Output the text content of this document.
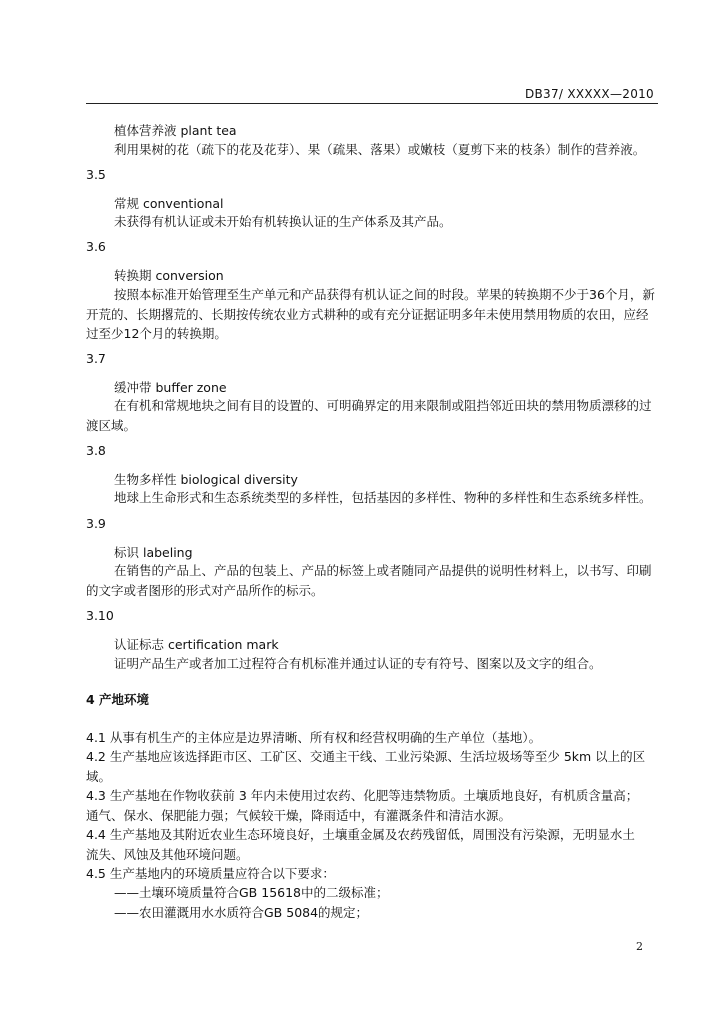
DB37/ XXXXX—2010
植体营养液 plant tea
利用果树的花（疏下的花及花芽）、果（疏果、落果）或嫩枝（夏剪下来的枝条）制作的营养液。
3.5
常规 conventional
未获得有机认证或未开始有机转换认证的生产体系及其产品。
3.6
转换期 conversion
按照本标准开始管理至生产单元和产品获得有机认证之间的时段。苹果的转换期不少于36个月，新
开荒的、长期撂荒的、长期按传统农业方式耕种的或有充分证据证明多年未使用禁用物质的农田，应经
过至少12个月的转换期。
3.7
缓冲带 buffer zone
在有机和常规地块之间有目的设置的、可明确界定的用来限制或阻挡邻近田块的禁用物质漂移的过
渡区域。
3.8
生物多样性 biological diversity
地球上生命形式和生态系统类型的多样性，包括基因的多样性、物种的多样性和生态系统多样性。
3.9
标识 labeling
在销售的产品上、产品的包装上、产品的标签上或者随同产品提供的说明性材料上，以书写、印刷
的文字或者图形的形式对产品所作的标示。
3.10
认证标志 certification mark
证明产品生产或者加工过程符合有机标准并通过认证的专有符号、图案以及文字的组合。
4 产地环境
4.1 从事有机生产的主体应是边界清晰、所有权和经营权明确的生产单位（基地）。
4.2 生产基地应该选择距市区、工矿区、交通主干线、工业污染源、生活垃圾场等至少 5km 以上的区
域。
4.3 生产基地在作物收获前 3 年内未使用过农药、化肥等违禁物质。土壤质地良好，有机质含量高；
通气、保水、保肥能力强；气候较干燥，降雨适中，有灌溉条件和清洁水源。
4.4 生产基地及其附近农业生态环境良好，土壤重金属及农药残留低，周围没有污染源，无明显水土
流失、风蚀及其他环境问题。
4.5 生产基地内的环境质量应符合以下要求：
——土壤环境质量符合GB 15618中的二级标准；
——农田灌溉用水水质符合GB 5084的规定；
2
